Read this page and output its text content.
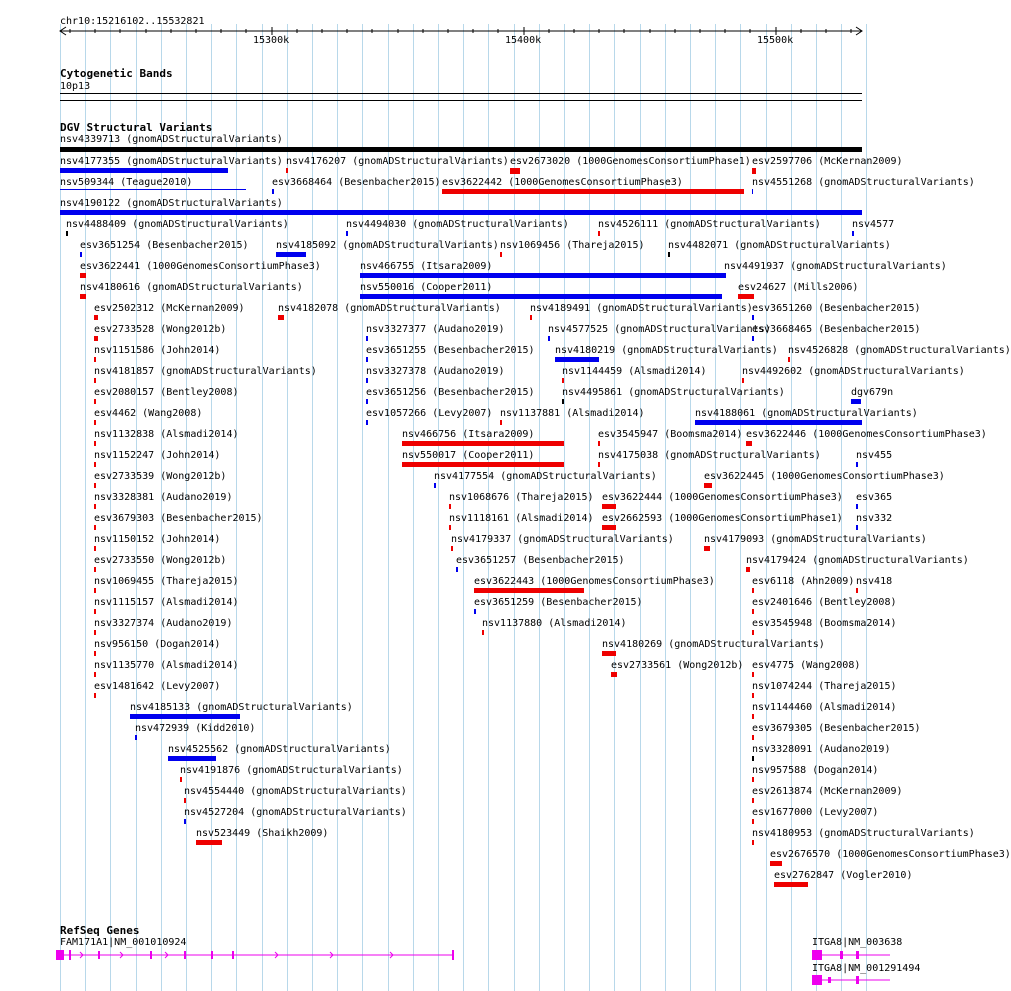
chr10:15216102..15532821
15300k	15400k	15500k
Cytogenetic Bands
10p13
DGV Structural Variants
nsv4339713 (gnomADStructuralVariants)
nsv4177355 (gnomADStructuralVariants) nsv4176207 (gnomADStructuralVariants) esv2673020 (1000GenomesConsortiumPhase1) esv2597706 (McKernan2009)
nsv509344 (Teague2010)	esv3668464 (Besenbacher2015) esv3622442 (1000GenomesConsortiumPhase3)	nsv4551268 (gnomADStructuralVariants)
nsv4190122 (gnomADStructuralVariants)
nsv4488409 (gnomADStructuralVariants)	nsv4494030 (gnomADStructuralVariants)	nsv4526111 (gnomADStructuralVariants)	nsv4577
esv3651254 (Besenbacher2015)	nsv4185092 (gnomADStructuralVariants) nsv1069456 (Thareja2015) nsv4482071 (gnomADStructuralVariants)
esv3622441 (1000GenomesConsortiumPhase3)	nsv466755 (Itsara2009)	nsv4491937 (gnomADStructuralVariants)
nsv4180616 (gnomADStructuralVariants)	nsv550016 (Cooper2011)	esv24627 (Mills2006)
esv2502312 (McKernan2009)	nsv4182078 (gnomADStructuralVariants)	nsv4189491 (gnomADStructuralVariants) esv3651260 (Besenbacher2015)
esv2733528 (Wong2012b)	nsv3327377 (Audano2019)	nsv4577525 (gnomADStructuralVariants)
esv3668465 (Besenbacher2015)
nsv1151586 (John2014)	esv3651255 (Besenbacher2015) nsv4180219 (gnomADStructuralVariants) nsv4526828 (gnomADStructuralVariants)
nsv4181857 (gnomADStructuralVariants)	nsv3327378 (Audano2019)	nsv1144459 (Alsmadi2014)	nsv4492602 (gnomADStructuralVariants)
esv2080157 (Bentley2008)	esv3651256 (Besenbacher2015)	nsv4495861 (gnomADStructuralVariants)	dgv679n
esv4462 (Wang2008)	esv1057266 (Levy2007) nsv1137881 (Alsmadi2014)	nsv4188061 (gnomADStructuralVariants)
nsv1132838 (Alsmadi2014)	nsv466756 (Itsara2009)	esv3545947 (Boomsma2014) esv3622446 (1000GenomesConsortiumPhase3)
nsv1152247 (John2014)	nsv550017 (Cooper2011)	nsv4175038 (gnomADStructuralVariants)	nsv455
esv2733539 (Wong2012b)	nsv4177554 (gnomADStructuralVariants)	esv3622445 (1000GenomesConsortiumPhase3)
nsv3328381 (Audano2019)	nsv1068676 (Thareja2015) esv3622444 (1000GenomesConsortiumPhase3) esv365
esv3679303 (Besenbacher2015)	nsv1118161 (Alsmadi2014) esv2662593 (1000GenomesConsortiumPhase1) nsv332
nsv1150152 (John2014)	nsv4179337 (gnomADStructuralVariants)	nsv4179093 (gnomADStructuralVariants)
esv2733550 (Wong2012b)	esv3651257 (Besenbacher2015)	nsv4179424 (gnomADStructuralVariants)
nsv1069455 (Thareja2015)	esv3622443 (1000GenomesConsortiumPhase3)	esv6118 (Ahn2009) nsv418
nsv1115157 (Alsmadi2014)	esv3651259 (Besenbacher2015)	esv2401646 (Bentley2008)
nsv3327374 (Audano2019)	nsv1137880 (Alsmadi2014)	esv3545948 (Boomsma2014)
nsv956150 (Dogan2014)	nsv4180269 (gnomADStructuralVariants)
nsv1135770 (Alsmadi2014)	esv2733561 (Wong2012b) esv4775 (Wang2008)
esv1481642 (Levy2007)	nsv1074244 (Thareja2015)
nsv4185133 (gnomADStructuralVariants)	nsv1144460 (Alsmadi2014)
nsv472939 (Kidd2010)	esv3679305 (Besenbacher2015)
nsv4525562 (gnomADStructuralVariants)	nsv3328091 (Audano2019)
nsv4191876 (gnomADStructuralVariants)	nsv957588 (Dogan2014)
nsv4554440 (gnomADStructuralVariants)	esv2613874 (McKernan2009)
nsv4527204 (gnomADStructuralVariants)	esv1677000 (Levy2007)
nsv523449 (Shaikh2009)	nsv4180953 (gnomADStructuralVariants)
esv2676570 (1000GenomesConsortiumPhase3)
esv2762847 (Vogler2010)
RefSeq Genes
FAM171A1|NM_001010924	ITGA8|NM_003638
ITGA8|NM_001291494
